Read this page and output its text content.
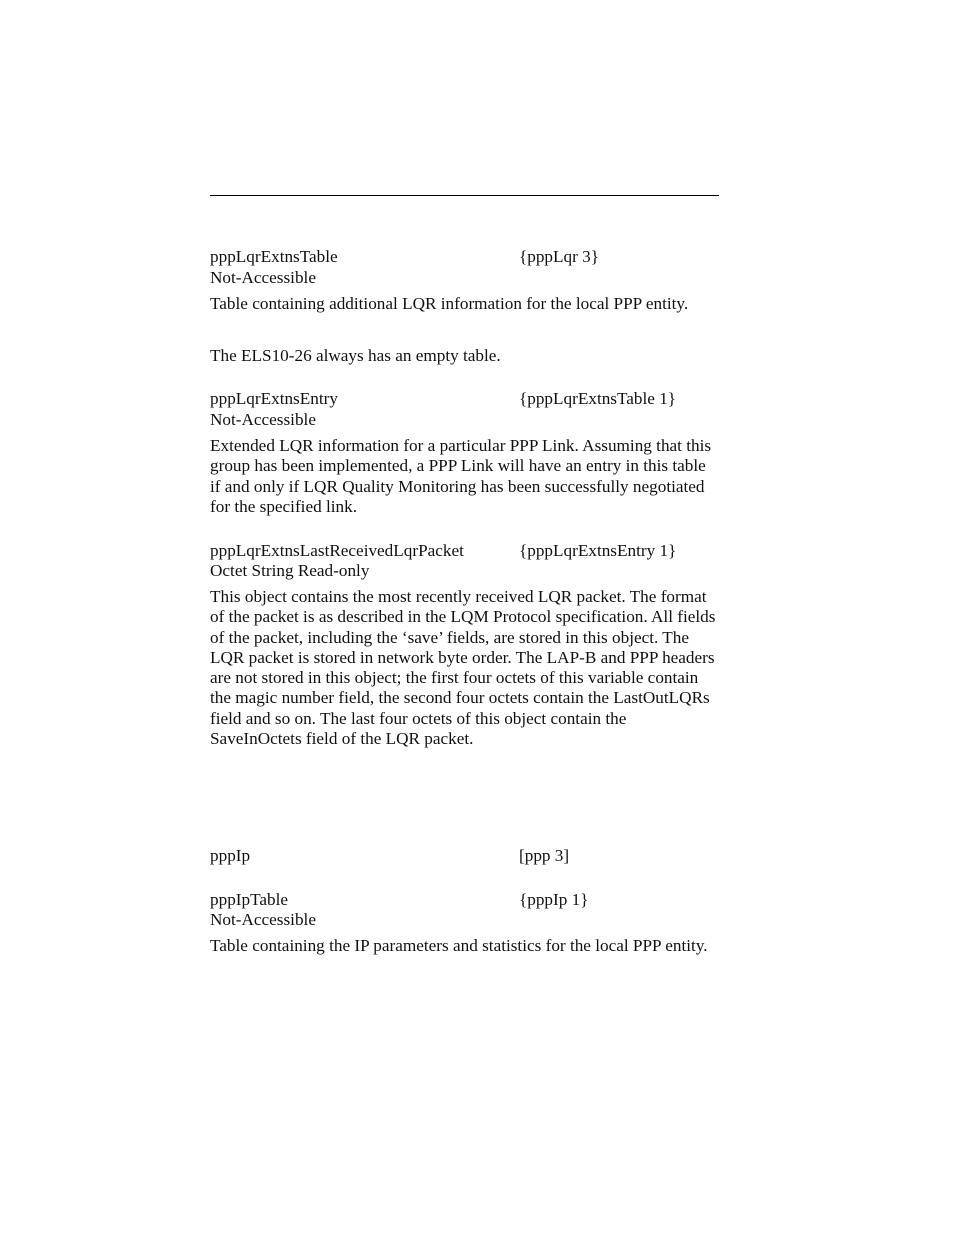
pppLqrExtnsTable	{pppLqr 3}
Not-Accessible
Table containing additional LQR information for the local PPP entity.
The ELS10-26 always has an empty table.
pppLqrExtnsEntry	{pppLqrExtnsTable 1}
Not-Accessible
Extended LQR information for a particular PPP Link. Assuming that this group has been implemented, a PPP Link will have an entry in this table if and only if LQR Quality Monitoring has been successfully negotiated for the specified link.
pppLqrExtnsLastReceivedLqrPacket	{pppLqrExtnsEntry 1}
Octet String Read-only
This object contains the most recently received LQR packet. The format of the packet is as described in the LQM Protocol specification. All fields of the packet, including the ‘save’ fields, are stored in this object. The LQR packet is stored in network byte order. The LAP-B and PPP headers are not stored in this object; the first four octets of this variable contain the magic number field, the second four octets contain the LastOutLQRs field and so on. The last four octets of this object contain the SaveInOctets field of the LQR packet.
pppIp	[ppp 3]
pppIpTable	{pppIp 1}
Not-Accessible
Table containing the IP parameters and statistics for the local PPP entity.
